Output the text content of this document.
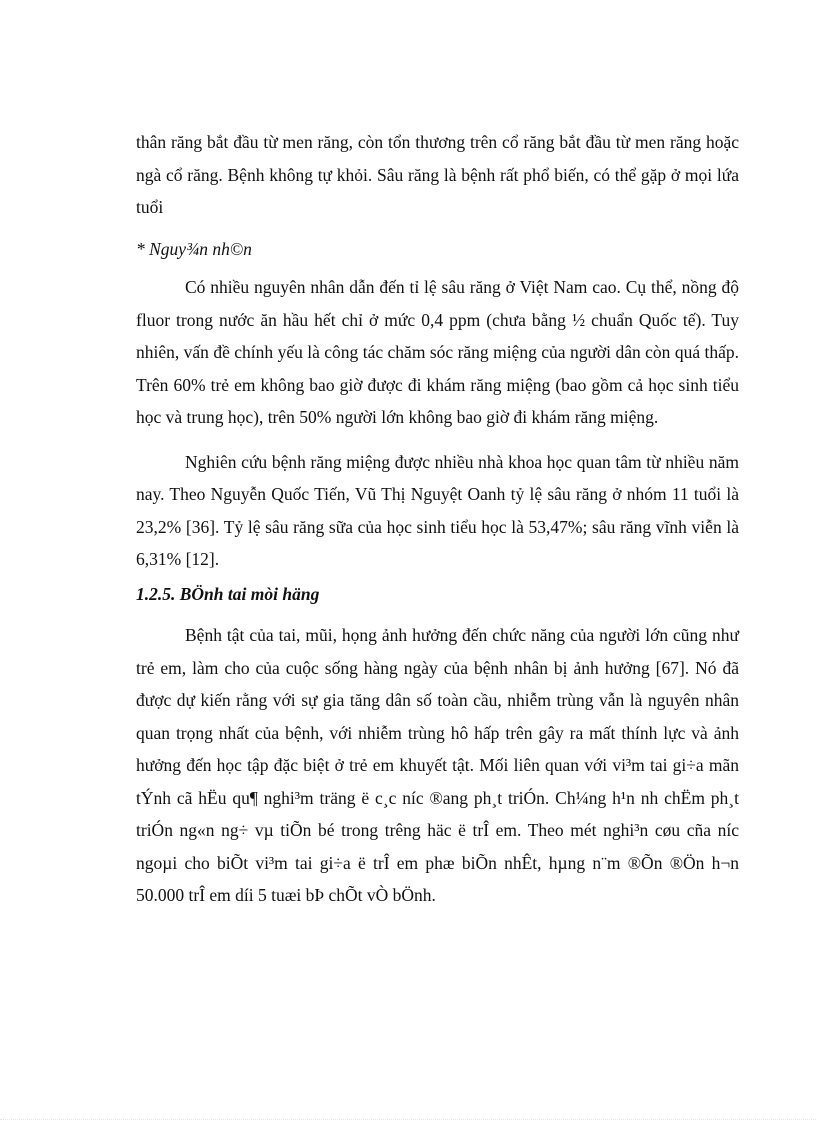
thân răng bắt đầu từ men răng, còn tổn thương trên cổ răng bắt đầu từ men răng hoặc ngà cổ răng. Bệnh không tự khỏi. Sâu răng là bệnh rất phổ biến, có thể gặp ở mọi lứa tuổi

* Nguy¾n nh©n

Có nhiều nguyên nhân dẫn đến tỉ lệ sâu răng ở Việt Nam cao. Cụ thể, nồng độ fluor trong nước ăn hầu hết chỉ ở mức 0,4 ppm (chưa bằng ½ chuẩn Quốc tế). Tuy nhiên, vấn đề chính yếu là công tác chăm sóc răng miệng của người dân còn quá thấp. Trên 60% trẻ em không bao giờ được đi khám răng miệng (bao gồm cả học sinh tiểu học và trung học), trên 50% người lớn không bao giờ đi khám răng miệng.

Nghiên cứu bệnh răng miệng được nhiều nhà khoa học quan tâm từ nhiều năm nay. Theo Nguyễn Quốc Tiến, Vũ Thị Nguyệt Oanh tỷ lệ sâu răng ở nhóm 11 tuổi là 23,2% [36]. Tỷ lệ sâu răng sữa của học sinh tiểu học là 53,47%; sâu răng vĩnh viễn là 6,31% [12].

1.2.5. BÖnh tai mòi häng

Bệnh tật của tai, mũi, họng ảnh hưởng đến chức năng của người lớn cũng như trẻ em, làm cho của cuộc sống hàng ngày của bệnh nhân bị ảnh hưởng [67]. Nó đã được dự kiến rằng với sự gia tăng dân số toàn cầu, nhiễm trùng vẫn là nguyên nhân quan trọng nhất của bệnh, với nhiễm trùng hô hấp trên gây ra mất thính lực và ảnh hưởng đến học tập đặc biệt ở trẻ em khuyết tật. Mối liên quan với vi³m tai gi÷a mãn tÝnh cã hËu qu¶ nghi³m träng ë c¸c níc ®ang ph¸t triÓn. Ch¼ng h¹n nh chËm ph¸t triÓn ng«n ng÷ vµ tiÕn bé trong trêng häc ë trÎ em. Theo mét nghi³n cøu cña níc ngoµi cho biÕt vi³m tai gi÷a ë trÎ em phæ biÕn nhÊt, hµng n¨m ®Õn ®Ön h¬n 50.000 trÎ em díi 5 tuæi bÞ chÕt vÒ bÖnh.
